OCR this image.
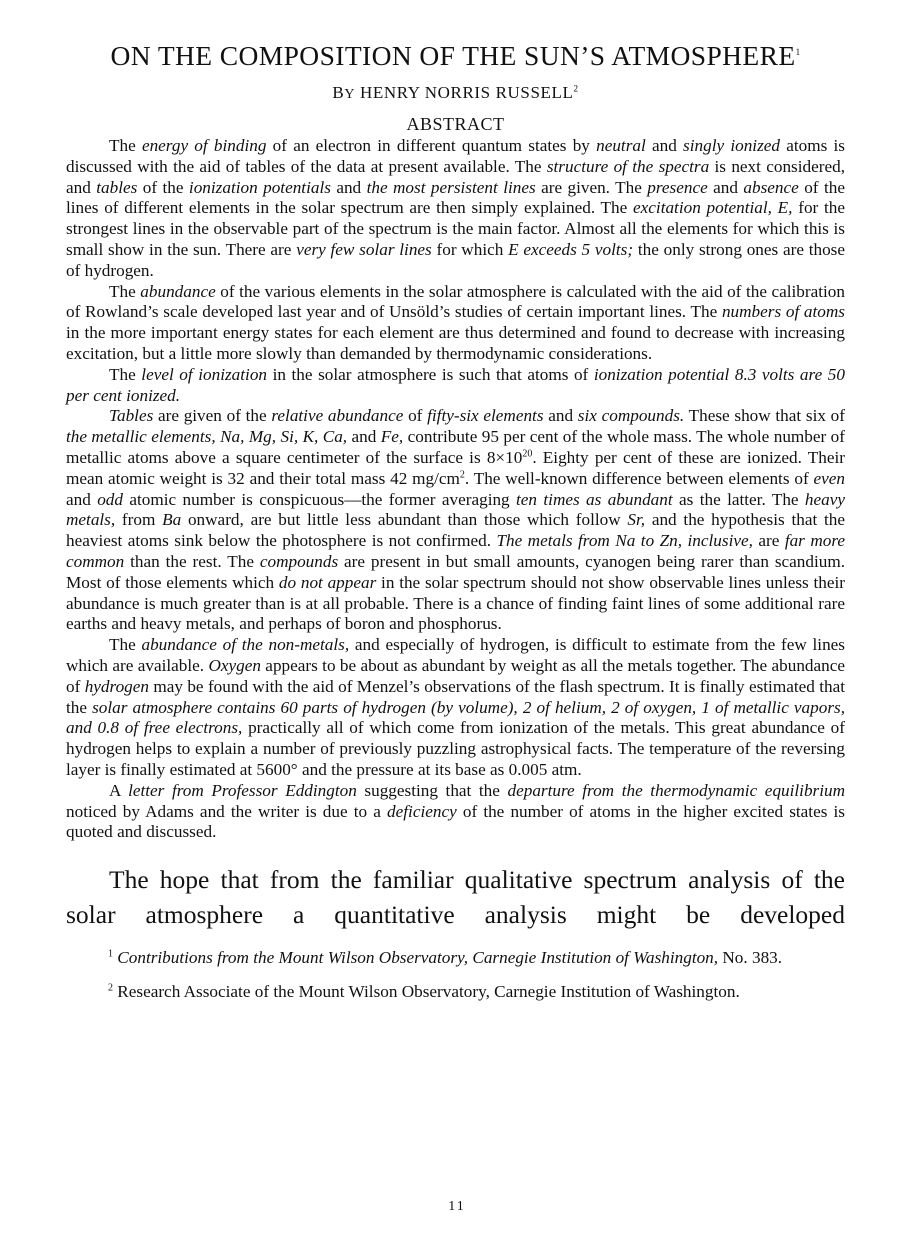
ON THE COMPOSITION OF THE SUN’S ATMOSPHERE$^1$
BY HENRY NORRIS RUSSELL$^2$
ABSTRACT

The energy of binding of an electron in different quantum states by neutral and singly ionized atoms is discussed with the aid of tables of the data at present available. The structure of the spectra is next considered, and tables of the ionization potentials and the most persistent lines are given. The presence and absence of the lines of different elements in the solar spectrum are then simply explained. The excitation potential, E, for the strongest lines in the observable part of the spectrum is the main factor. Almost all the elements for which this is small show in the sun. There are very few solar lines for which E exceeds 5 volts; the only strong ones are those of hydrogen.

The abundance of the various elements in the solar atmosphere is calculated with the aid of the calibration of Rowland’s scale developed last year and of Unsöld’s studies of certain important lines. The numbers of atoms in the more important energy states for each element are thus determined and found to decrease with increasing excitation, but a little more slowly than demanded by thermodynamic considerations.

The level of ionization in the solar atmosphere is such that atoms of ionization potential 8.3 volts are 50 per cent ionized.

Tables are given of the relative abundance of fifty-six elements and six compounds. These show that six of the metallic elements, Na, Mg, Si, K, Ca, and Fe, contribute 95 per cent of the whole mass. The whole number of metallic atoms above a square centimeter of the surface is $8\times 10^{20}$. Eighty per cent of these are ionized. Their mean atomic weight is 32 and their total mass 42 $mg/cm^2$. The well-known difference between elements of even and odd atomic number is conspicuous—the former averaging ten times as abundant as the latter. The heavy metals, from Ba onward, are but little less abundant than those which follow Sr, and the hypothesis that the heaviest atoms sink below the photosphere is not confirmed. The metals from Na to Zn, inclusive, are far more common than the rest. The compounds are present in but small amounts, cyanogen being rarer than scandium. Most of those elements which do not appear in the solar spectrum should not show observable lines unless their abundance is much greater than is at all probable. There is a chance of finding faint lines of some additional rare earths and heavy metals, and perhaps of boron and phosphorus.

The abundance of the non-metals, and especially of hydrogen, is difficult to estimate from the few lines which are available. Oxygen appears to be about as abundant by weight as all the metals together. The abundance of hydrogen may be found with the aid of Menzel’s observations of the flash spectrum. It is finally estimated that the solar atmosphere contains 60 parts of hydrogen (by volume), 2 of helium, 2 of oxygen, 1 of metallic vapors, and 0.8 of free electrons, practically all of which come from ionization of the metals. This great abundance of hydrogen helps to explain a number of previously puzzling astrophysical facts. The temperature of the reversing layer is finally estimated at 5600° and the pressure at its base as 0.005 atm.

A letter from Professor Eddington suggesting that the departure from the thermodynamic equilibrium noticed by Adams and the writer is due to a deficiency of the number of atoms in the higher excited states is quoted and discussed.

The hope that from the familiar qualitative spectrum analysis of the solar atmosphere a quantitative analysis might be developed

$^1$ Contributions from the Mount Wilson Observatory, Carnegie Institution of Washington, No. 383.

$^2$ Research Associate of the Mount Wilson Observatory, Carnegie Institution of Washington.

11
